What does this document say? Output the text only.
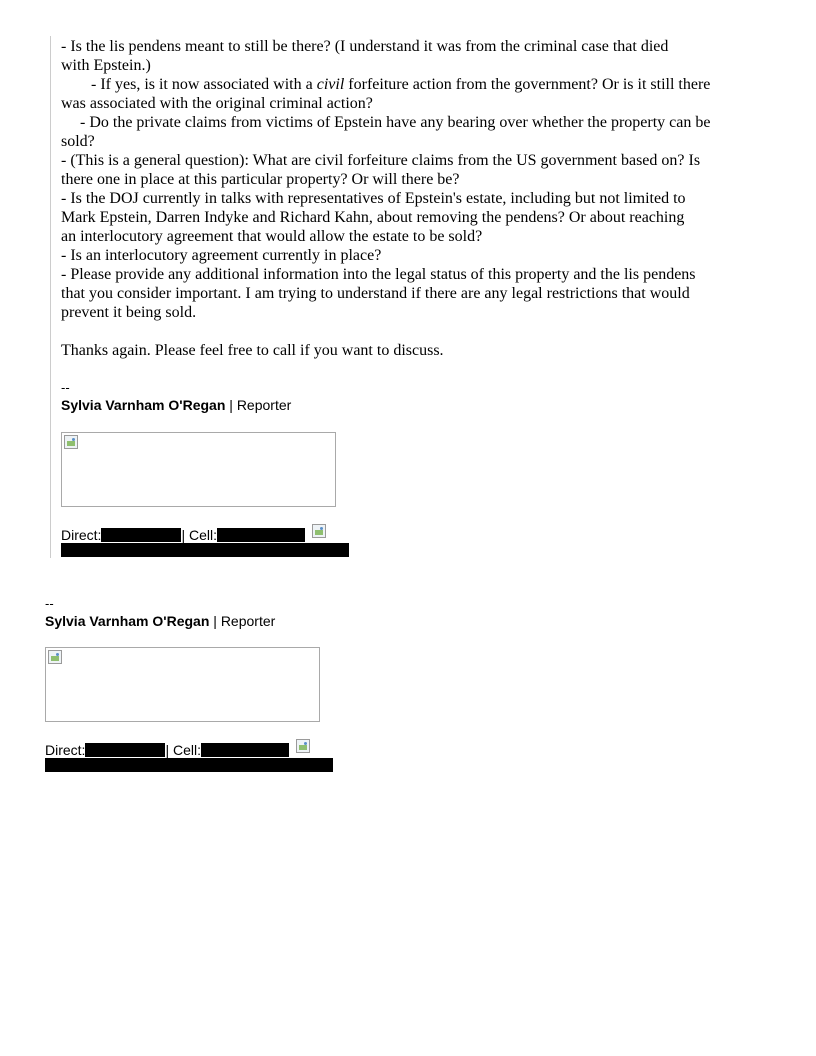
- Is the lis pendens meant to still be there? (I understand it was from the criminal case that died
with Epstein.)
- If yes, is it now associated with a civil forfeiture action from the government? Or is it still there
was associated with the original criminal action?
- Do the private claims from victims of Epstein have any bearing over whether the property can be
sold?
- (This is a general question): What are civil forfeiture claims from the US government based on? Is
there one in place at this particular property? Or will there be?
- Is the DOJ currently in talks with representatives of Epstein's estate, including but not limited to
Mark Epstein, Darren Indyke and Richard Kahn, about removing the pendens? Or about reaching
an interlocutory agreement that would allow the estate to be sold?
- Is an interlocutory agreement currently in place?
- Please provide any additional information into the legal status of this property and the lis pendens
that you consider important. I am trying to understand if there are any legal restrictions that would
prevent it being sold.
Thanks again. Please feel free to call if you want to discuss.
--
Sylvia Varnham O'Regan | Reporter
Direct:	| Cell:
--
Sylvia Varnham O'Regan | Reporter
Direct:	| Cell:
